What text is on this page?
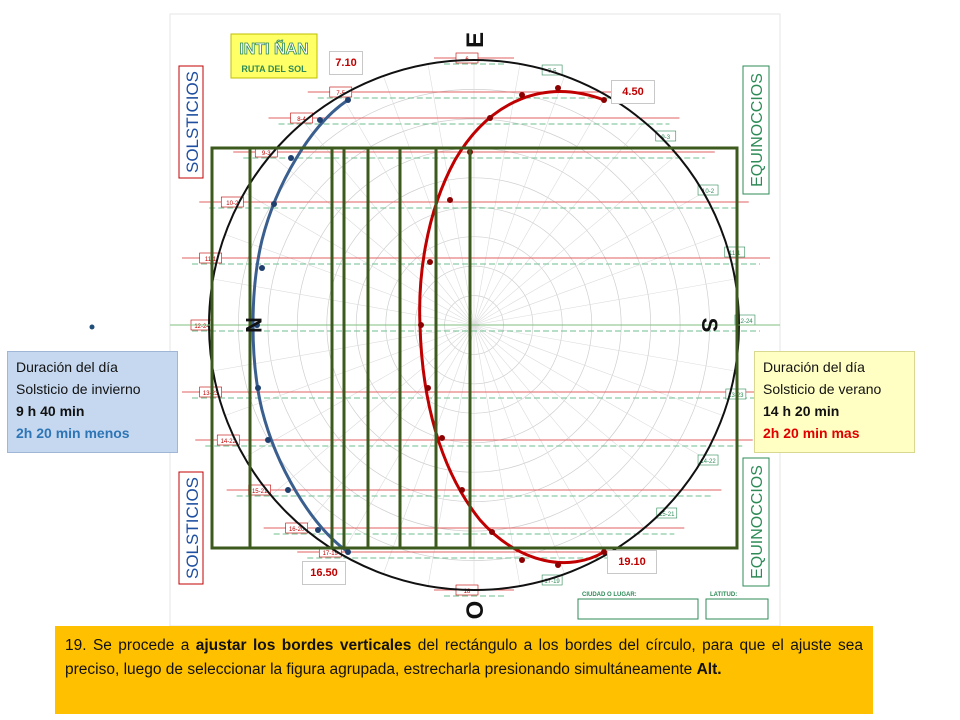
6
7-5
8-4
9-3
10-2
11-1
12-24
13-23
14-22
15-21
16-20
17-19
18
7-5
9-3
10-2
11-1
12-24
13-23
14-22
15-21
17-19
INTI ÑAN
RUTA DEL SOL
SOLSTICIOS
SOLSTICIOS
EQUINOCCIOS
EQUINOCCIOS
E
O
N	S
CIUDAD O LUGAR:	LATITUD:
7.10
4.50
16.50
19.10
Duración del día
Solsticio de invierno
9 h 40 min
2h 20 min menos
Duración del día
Solsticio de verano
14 h 20 min
2h 20 min mas
19. Se procede a ajustar los bordes verticales del rectángulo a los bordes del círculo, para que el ajuste sea preciso, luego de seleccionar la figura agrupada, estrecharla presionando simultáneamente Alt.
